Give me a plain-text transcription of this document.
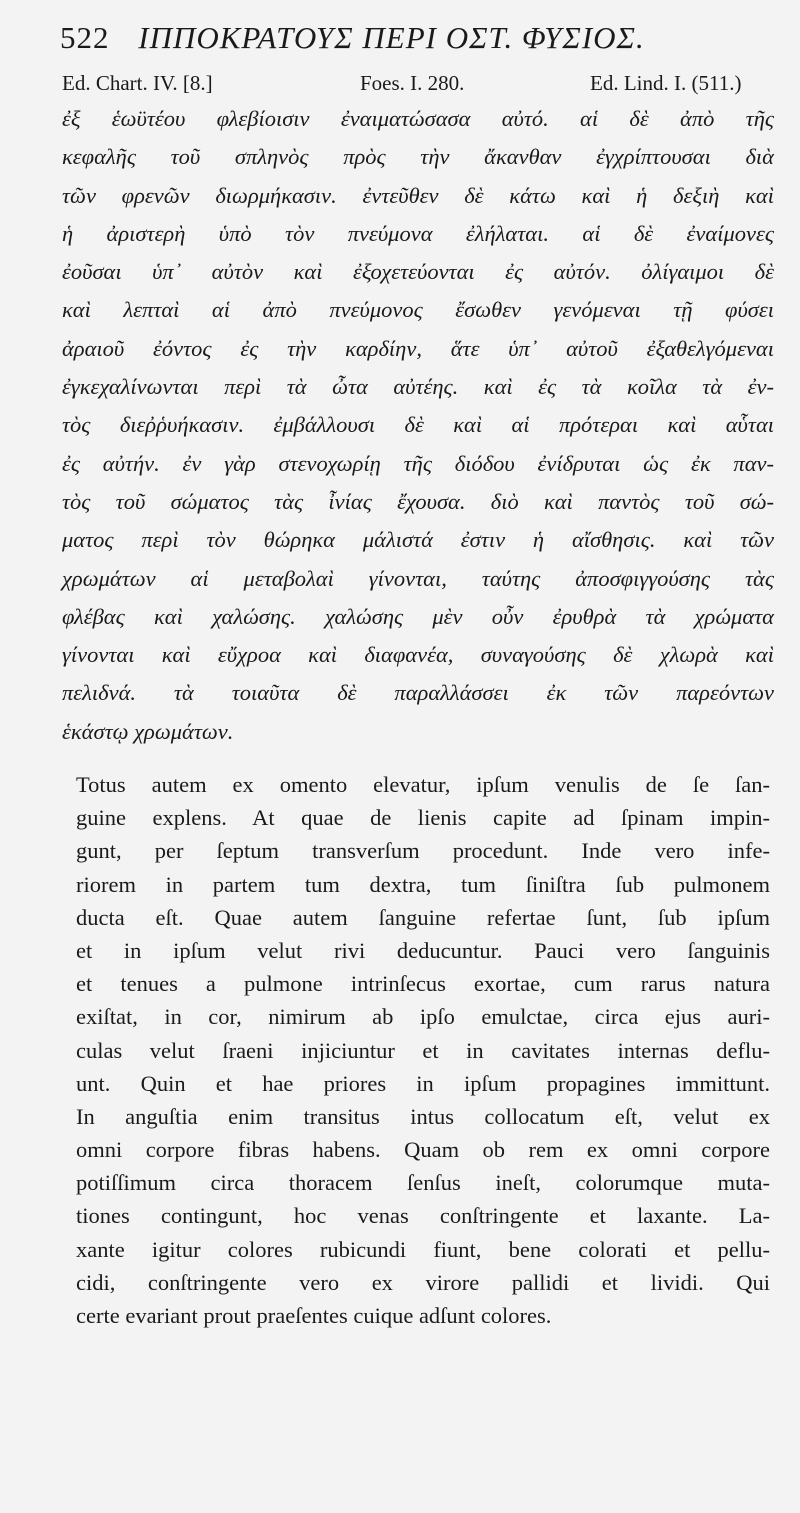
522 ΙΠΠΟΚΡΑΤΟΥΣ ΠΕΡΙ ΟΣΤ. ΦΥΣΙΟΣ.
Ed. Chart. IV. [8.]	Foes. I. 280.	Ed. Lind. I. (511.)
ἐξ ἑωϋτέου φλεβίοισιν ἐναιματώσασα αὐτό. αἱ δὲ ἀπὸ τῆς
κεφαλῆς τοῦ σπληνὸς πρὸς τὴν ἄκανθαν ἐγχρίπτουσαι διὰ
τῶν φρενῶν διωρμήκασιν. ἐντεῦθεν δὲ κάτω καὶ ἡ δεξιὴ καὶ
ἡ ἀριστερὴ ὑπὸ τὸν πνεύμονα ἐλήλαται. αἱ δὲ ἐναίμονες
ἐοῦσαι ὑπ᾽ αὐτὸν καὶ ἐξοχετεύονται ἐς αὐτόν. ὀλίγαιμοι δὲ
καὶ λεπταὶ αἱ ἀπὸ πνεύμονος ἔσωθεν γενόμεναι τῇ φύσει
ἀραιοῦ ἐόντος ἐς τὴν καρδίην, ἅτε ὑπ᾽ αὐτοῦ ἐξαθελγόμεναι
ἐγκεχαλίνωνται περὶ τὰ ὦτα αὐτέης. καὶ ἐς τὰ κοῖλα τὰ ἐν-
τὸς διεῤῥυήκασιν. ἐμβάλλουσι δὲ καὶ αἱ πρότεραι καὶ αὗται
ἐς αὐτήν. ἐν γὰρ στενοχωρίῃ τῆς διόδου ἐνίδρυται ὡς ἐκ παν-
τὸς τοῦ σώματος τὰς ἶνίας ἔχουσα. διὸ καὶ παντὸς τοῦ σώ-
ματος περὶ τὸν θώρηκα μάλιστά ἐστιν ἡ αἴσθησις. καὶ τῶν
χρωμάτων αἱ μεταβολαὶ γίνονται, ταύτης ἀποσφιγγούσης τὰς
φλέβας καὶ χαλώσης. χαλώσης μὲν οὖν ἐρυθρὰ τὰ χρώματα
γίνονται καὶ εὔχροα καὶ διαφανέα, συναγούσης δὲ χλωρὰ καὶ
πελιδνά. τὰ τοιαῦτα δὲ παραλλάσσει ἐκ τῶν παρεόντων
ἑκάστῳ χρωμάτων.
Totus autem ex omento elevatur, ipſum venulis de ſe ſan-
guine explens. At quae de lienis capite ad ſpinam impin-
gunt, per ſeptum transverſum procedunt. Inde vero infe-
riorem in partem tum dextra, tum ſiniſtra ſub pulmonem
ducta eſt. Quae autem ſanguine refertae ſunt, ſub ipſum
et in ipſum velut rivi deducuntur. Pauci vero ſanguinis
et tenues a pulmone intrinſecus exortae, cum rarus natura
exiſtat, in cor, nimirum ab ipſo emulctae, circa ejus auri-
culas velut ſraeni injiciuntur et in cavitates internas deflu-
unt. Quin et hae priores in ipſum propagines immittunt.
In anguſtia enim transitus intus collocatum eſt, velut ex
omni corpore fibras habens. Quam ob rem ex omni corpore
potiſſimum circa thoracem ſenſus ineſt, colorumque muta-
tiones contingunt, hoc venas conſtringente et laxante. La-
xante igitur colores rubicundi fiunt, bene colorati et pellu-
cidi, conſtringente vero ex virore pallidi et lividi. Qui
certe evariant prout praeſentes cuique adſunt colores.
